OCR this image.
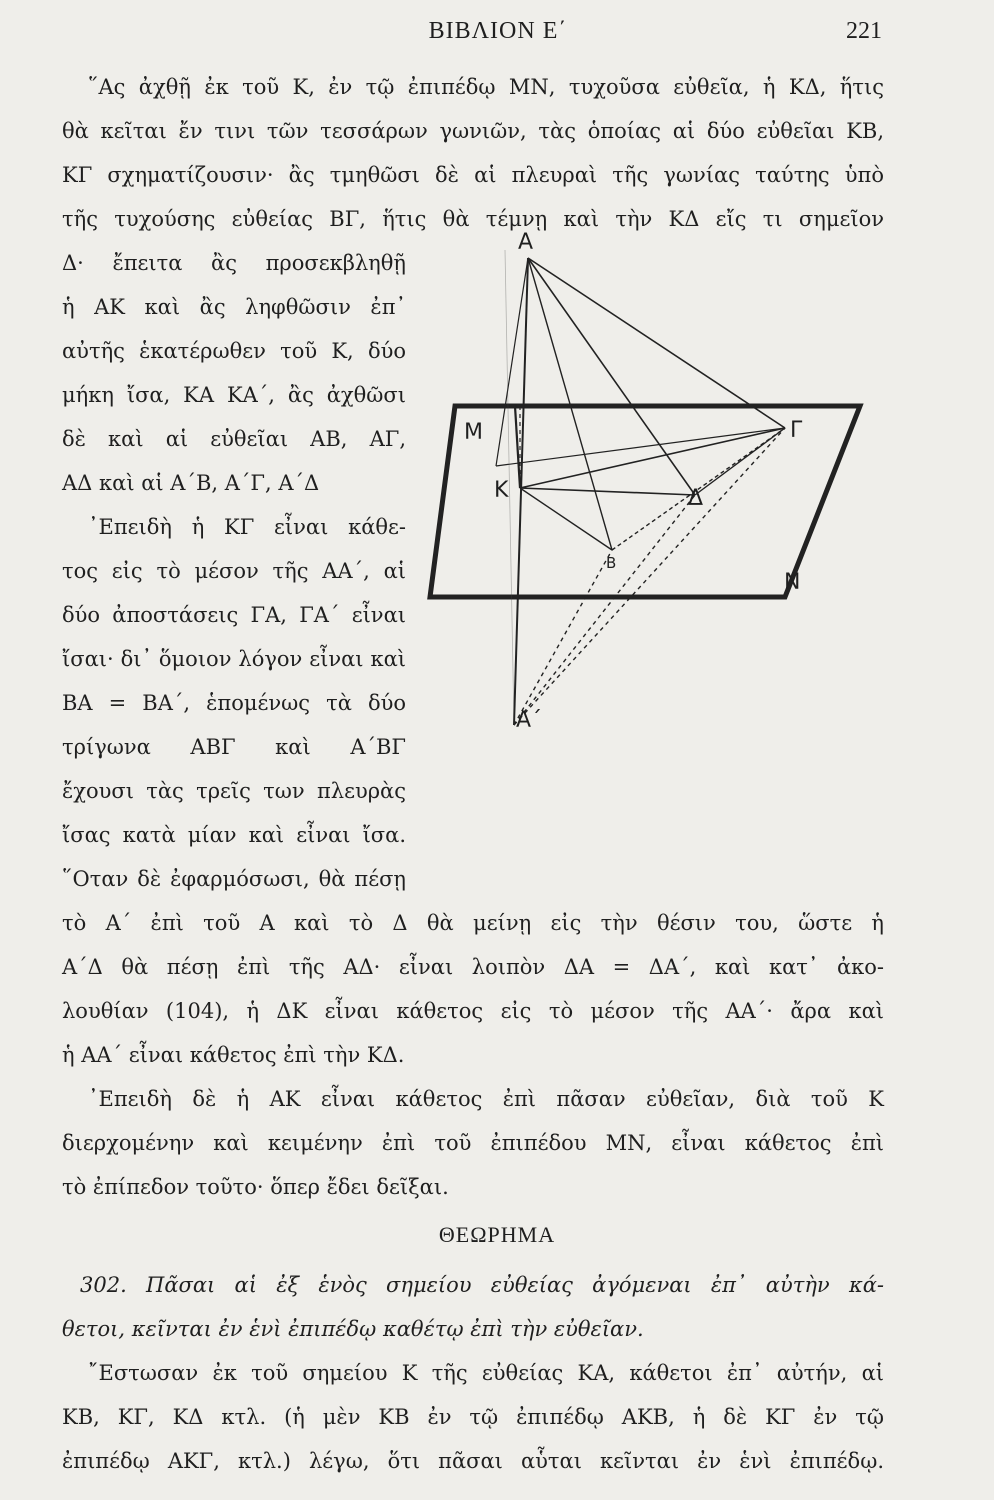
ΒΙΒΛΙΟΝ Ε΄	221

῞Ας ἀχθῇ ἐκ τοῦ Κ, ἐν τῷ ἐπιπέδῳ ΜΝ, τυχοῦσα εὐθεῖα, ἡ ΚΔ, ἥτις

θὰ κεῖται ἔν τινι τῶν τεσσάρων γωνιῶν, τὰς ὁποίας αἱ δύο εὐθεῖαι ΚΒ,

ΚΓ σχηματίζουσιν· ἂς τμηθῶσι δὲ αἱ πλευραὶ τῆς γωνίας ταύτης ὑπὸ

τῆς τυχούσης εὐθείας ΒΓ, ἥτις θὰ τέμνῃ καὶ τὴν ΚΔ εἴς τι σημεῖον

Δ· ἔπειτα ἂς προσεκβληθῇ

ἡ ΑΚ καὶ ἂς ληφθῶσιν ἐπ᾽

αὐτῆς ἑκατέρωθεν τοῦ Κ, δύο

μήκη ἴσα, ΚΑ ΚΑ΄, ἂς ἀχθῶσι

δὲ καὶ αἱ εὐθεῖαι ΑΒ, ΑΓ,

ΑΔ καὶ αἱ Α΄Β, Α΄Γ, Α΄Δ

᾿Επειδὴ ἡ ΚΓ εἶναι κάθε-

τος εἰς τὸ μέσον τῆς ΑΑ΄, αἱ

δύο ἀποστάσεις ΓΑ, ΓΑ΄ εἶναι

ἴσαι· δι᾽ ὅμοιον λόγον εἶναι καὶ

ΒΑ = ΒΑ΄, ἑπομένως τὰ δύο

τρίγωνα ΑΒΓ καὶ Α΄ΒΓ

ἔχουσι τὰς τρεῖς των πλευρὰς

ἴσας κατὰ μίαν καὶ εἶναι ἴσα.

῞Οταν δὲ ἐφαρμόσωσι, θὰ πέσῃ

τὸ Α΄ ἐπὶ τοῦ Α καὶ τὸ Δ θὰ μείνῃ εἰς τὴν θέσιν του, ὥστε ἡ

Α΄Δ θὰ πέσῃ ἐπὶ τῆς ΑΔ· εἶναι λοιπὸν ΔΑ = ΔΑ΄, καὶ κατ᾽ ἀκο-

λουθίαν (104), ἡ ΔΚ εἶναι κάθετος εἰς τὸ μέσον τῆς ΑΑ΄· ἄρα καὶ

ἡ ΑΑ΄ εἶναι κάθετος ἐπὶ τὴν ΚΔ.

᾿Επειδὴ δὲ ἡ ΑΚ εἶναι κάθετος ἐπὶ πᾶσαν εὐθεῖαν, διὰ τοῦ Κ

διερχομένην καὶ κειμένην ἐπὶ τοῦ ἐπιπέδου ΜΝ, εἶναι κάθετος ἐπὶ

τὸ ἐπίπεδον τοῦτο· ὅπερ ἔδει δεῖξαι.

ΘΕΩΡΗΜΑ

302. Πᾶσαι αἱ ἐξ ἑνὸς σημείου εὐθείας ἀγόμεναι ἐπ᾽ αὐτὴν κά-

θετοι, κεῖνται ἐν ἑνὶ ἐπιπέδῳ καθέτῳ ἐπὶ τὴν εὐθεῖαν.

῎Εστωσαν ἐκ τοῦ σημείου Κ τῆς εὐθείας ΚΑ, κάθετοι ἐπ᾽ αὐτήν, αἱ

ΚΒ, ΚΓ, ΚΔ κτλ. (ἡ μὲν ΚΒ ἐν τῷ ἐπιπέδῳ ΑΚΒ, ἡ δὲ ΚΓ ἐν τῷ

ἐπιπέδῳ ΑΚΓ, κτλ.) λέγω, ὅτι πᾶσαι αὗται κεῖνται ἐν ἑνὶ ἐπιπέδῳ.

Α
Μ
Κ
Γ
Δ
Β
Ν
Α΄
